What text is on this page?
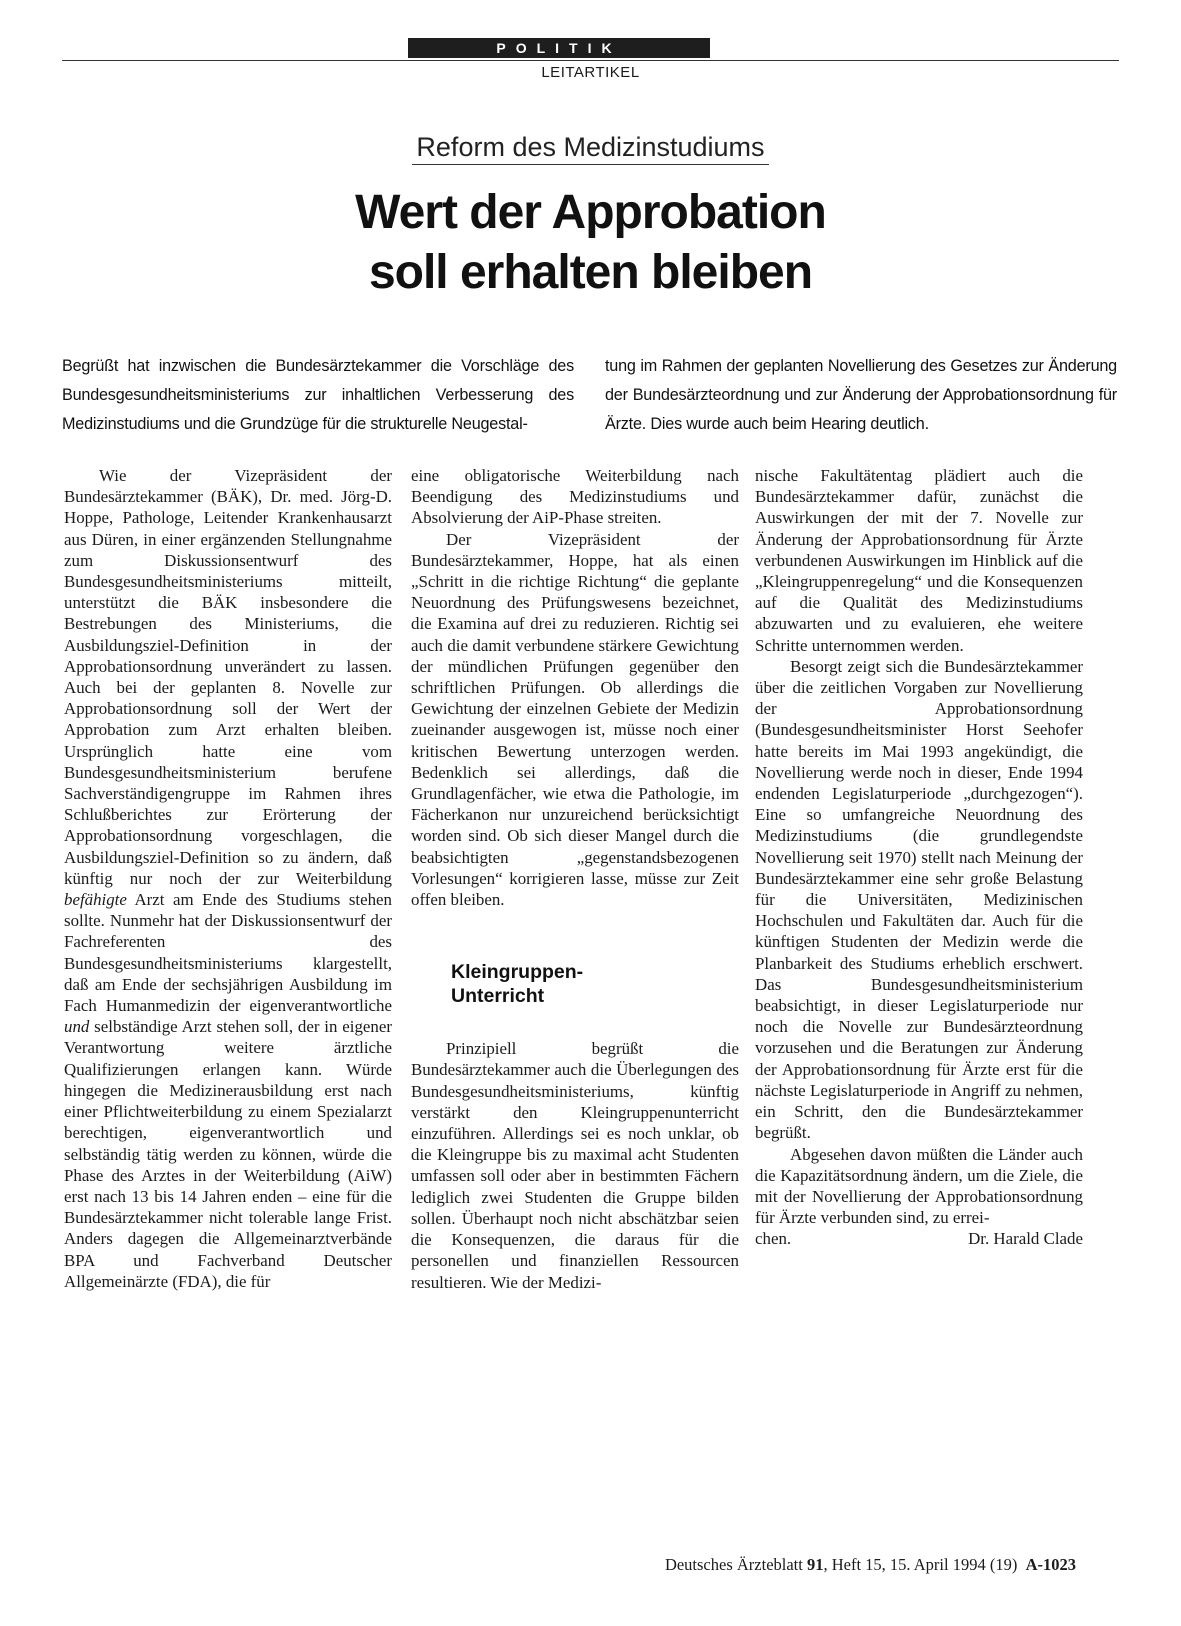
POLITIK
LEITARTIKEL
Reform des Medizinstudiums
Wert der Approbation
soll erhalten bleiben
Begrüßt hat inzwischen die Bundesärztekammer die Vorschläge des Bundesgesundheitsministeriums zur inhaltlichen Verbesserung des Medizinstudiums und die Grundzüge für die strukturelle Neugestal-
tung im Rahmen der geplanten Novellierung des Gesetzes zur Änderung der Bundesärzteordnung und zur Änderung der Approbationsordnung für Ärzte. Dies wurde auch beim Hearing deutlich.

Wie der Vizepräsident der Bundesärztekammer (BÄK), Dr. med. Jörg-D. Hoppe, Pathologe, Leitender Krankenhausarzt aus Düren, in einer ergänzenden Stellungnahme zum Diskussionsentwurf des Bundesgesundheitsministeriums mitteilt, unterstützt die BÄK insbesondere die Bestrebungen des Ministeriums, die Ausbildungsziel-Definition in der Approbationsordnung unverändert zu lassen. Auch bei der geplanten 8. Novelle zur Approbationsordnung soll der Wert der Approbation zum Arzt erhalten bleiben. Ursprünglich hatte eine vom Bundesgesundheitsministerium berufene Sachverständigengruppe im Rahmen ihres Schlußberichtes zur Erörterung der Approbationsordnung vorgeschlagen, die Ausbildungsziel-Definition so zu ändern, daß künftig nur noch der zur Weiterbildung befähigte Arzt am Ende des Studiums stehen sollte. Nunmehr hat der Diskussionsentwurf der Fachreferenten des Bundesgesundheitsministeriums klargestellt, daß am Ende der sechsjährigen Ausbildung im Fach Humanmedizin der eigenverantwortliche und selbständige Arzt stehen soll, der in eigener Verantwortung weitere ärztliche Qualifizierungen erlangen kann. Würde hingegen die Medizinerausbildung erst nach einer Pflichtweiterbildung zu einem Spezialarzt berechtigen, eigenverantwortlich und selbständig tätig werden zu können, würde die Phase des Arztes in der Weiterbildung (AiW) erst nach 13 bis 14 Jahren enden – eine für die Bundesärztekammer nicht tolerable lange Frist. Anders dagegen die Allgemeinarztverbände BPA und Fachverband Deutscher Allgemeinärzte (FDA), die für

eine obligatorische Weiterbildung nach Beendigung des Medizinstudiums und Absolvierung der AiP-Phase streiten.

Der Vizepräsident der Bundesärztekammer, Hoppe, hat als einen „Schritt in die richtige Richtung“ die geplante Neuordnung des Prüfungswesens bezeichnet, die Examina auf drei zu reduzieren. Richtig sei auch die damit verbundene stärkere Gewichtung der mündlichen Prüfungen gegenüber den schriftlichen Prüfungen. Ob allerdings die Gewichtung der einzelnen Gebiete der Medizin zueinander ausgewogen ist, müsse noch einer kritischen Bewertung unterzogen werden. Bedenklich sei allerdings, daß die Grundlagenfächer, wie etwa die Pathologie, im Fächerkanon nur unzureichend berücksichtigt worden sind. Ob sich dieser Mangel durch die beabsichtigten „gegenstandsbezogenen Vorlesungen“ korrigieren lasse, müsse zur Zeit offen bleiben.

Kleingruppen-
Unterricht

Prinzipiell begrüßt die Bundesärztekammer auch die Überlegungen des Bundesgesundheitsministeriums, künftig verstärkt den Kleingruppenunterricht einzuführen. Allerdings sei es noch unklar, ob die Kleingruppe bis zu maximal acht Studenten umfassen soll oder aber in bestimmten Fächern lediglich zwei Studenten die Gruppe bilden sollen. Überhaupt noch nicht abschätzbar seien die Konsequenzen, die daraus für die personellen und finanziellen Ressourcen resultieren. Wie der Medizi-

nische Fakultätentag plädiert auch die Bundesärztekammer dafür, zunächst die Auswirkungen der mit der 7. Novelle zur Änderung der Approbationsordnung für Ärzte verbundenen Auswirkungen im Hinblick auf die „Kleingruppenregelung“ und die Konsequenzen auf die Qualität des Medizinstudiums abzuwarten und zu evaluieren, ehe weitere Schritte unternommen werden.

Besorgt zeigt sich die Bundesärztekammer über die zeitlichen Vorgaben zur Novellierung der Approbationsordnung (Bundesgesundheitsminister Horst Seehofer hatte bereits im Mai 1993 angekündigt, die Novellierung werde noch in dieser, Ende 1994 endenden Legislaturperiode „durchgezogen“). Eine so umfangreiche Neuordnung des Medizinstudiums (die grundlegendste Novellierung seit 1970) stellt nach Meinung der Bundesärztekammer eine sehr große Belastung für die Universitäten, Medizinischen Hochschulen und Fakultäten dar. Auch für die künftigen Studenten der Medizin werde die Planbarkeit des Studiums erheblich erschwert. Das Bundesgesundheitsministerium beabsichtigt, in dieser Legislaturperiode nur noch die Novelle zur Bundesärzteordnung vorzusehen und die Beratungen zur Änderung der Approbationsordnung für Ärzte erst für die nächste Legislaturperiode in Angriff zu nehmen, ein Schritt, den die Bundesärztekammer begrüßt.

Abgesehen davon müßten die Länder auch die Kapazitätsordnung ändern, um die Ziele, die mit der Novellierung der Approbationsordnung für Ärzte verbunden sind, zu errei-

chen.	Dr. Harald Clade
Deutsches Ärzteblatt 91, Heft 15, 15. April 1994 (19) A-1023
